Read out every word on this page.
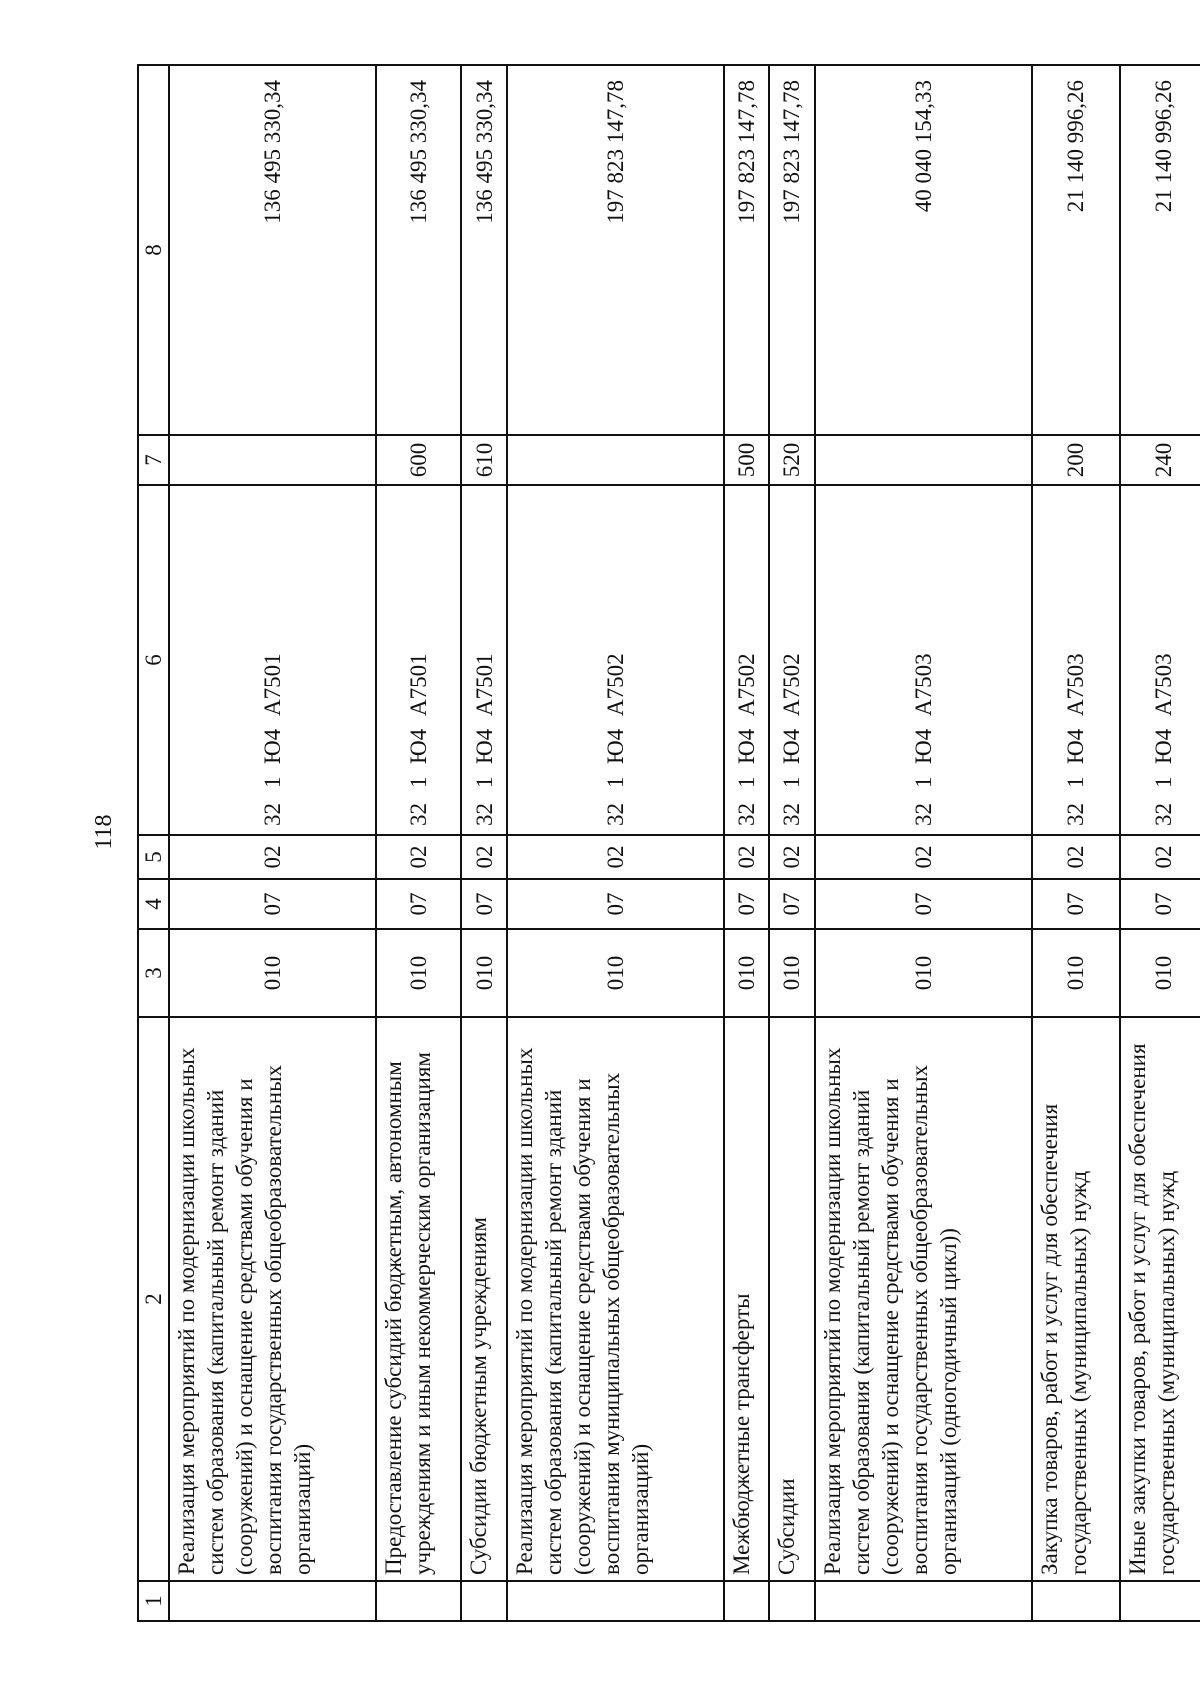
118
1	2	3	4	5	6	7	8
	Реализация мероприятий по модернизации школьных систем образования (капитальный ремонт зданий (сооружений) и оснащение средствами обучения и воспитания государственных общеобразовательных организаций)	010	07	02	321Ю4А7501		136 495 330,34
	Предоставление субсидий бюджетным, автономным учреждениям и иным некоммерческим организациям	010	07	02	321Ю4А7501	600	136 495 330,34
	Субсидии бюджетным учреждениям	010	07	02	321Ю4А7501	610	136 495 330,34
	Реализация мероприятий по модернизации школьных систем образования (капитальный ремонт зданий (сооружений) и оснащение средствами обучения и воспитания муниципальных общеобразовательных организаций)	010	07	02	321Ю4А7502		197 823 147,78
	Межбюджетные трансферты	010	07	02	321Ю4А7502	500	197 823 147,78
	Субсидии	010	07	02	321Ю4А7502	520	197 823 147,78
	Реализация мероприятий по модернизации школьных систем образования (капитальный ремонт зданий (сооружений) и оснащение средствами обучения и воспитания государственных общеобразовательных организаций (одногодичный цикл))	010	07	02	321Ю4А7503		40 040 154,33
	Закупка товаров, работ и услуг для обеспечения государственных (муниципальных) нужд	010	07	02	321Ю4А7503	200	21 140 996,26
	Иные закупки товаров, работ и услуг для обеспечения государственных (муниципальных) нужд	010	07	02	321Ю4А7503	240	21 140 996,26
